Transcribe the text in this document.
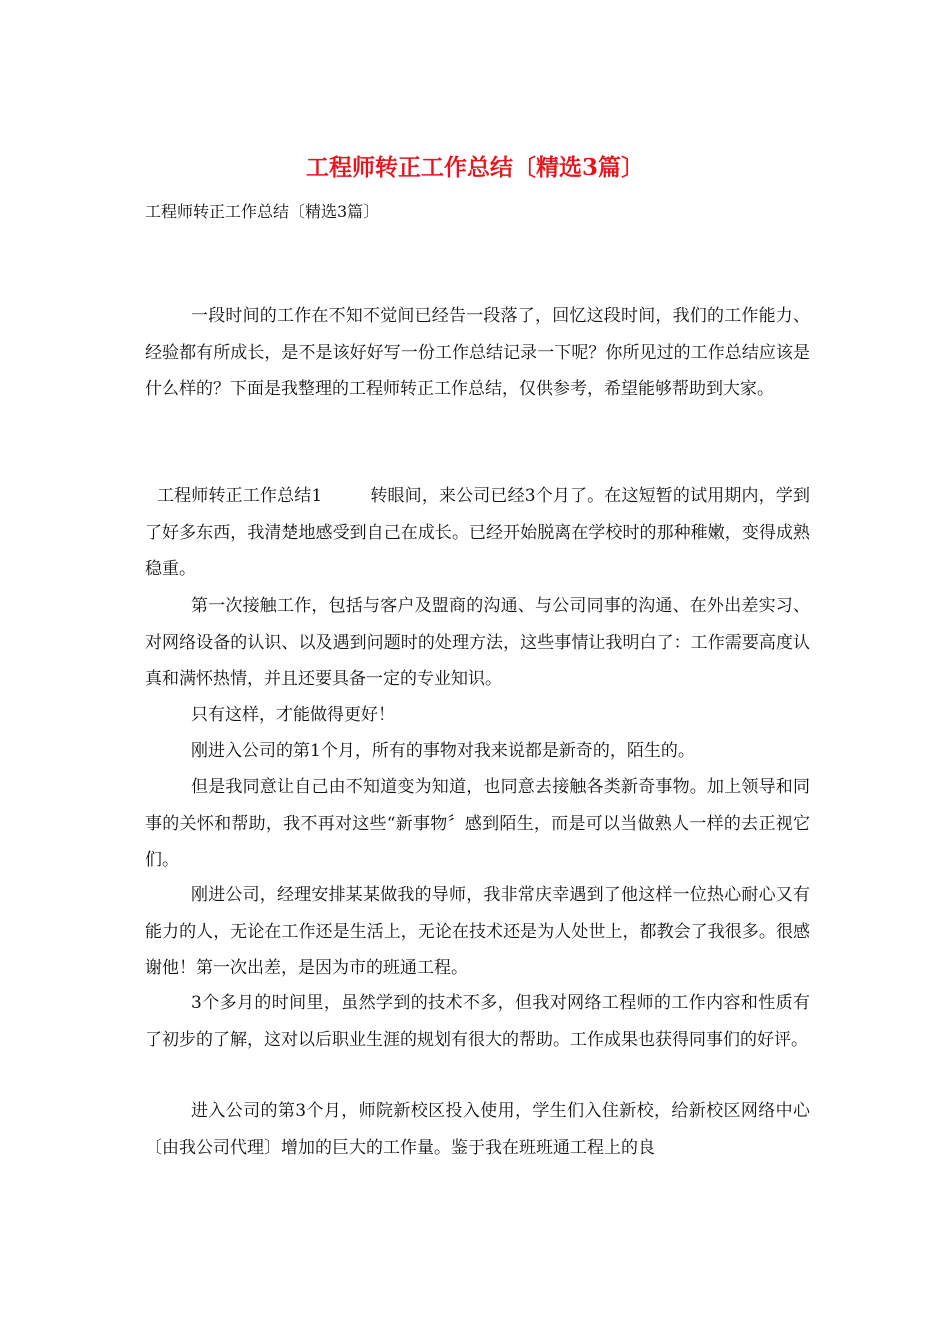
工程师转正工作总结〔精选3篇〕
工程师转正工作总结〔精选3篇〕

一段时间的工作在不知不觉间已经告一段落了，回忆这段时间，我们的工作能力、经验都有所成长，是不是该好好写一份工作总结记录一下呢？你所见过的工作总结应该是什么样的？下面是我整理的工程师转正工作总结，仅供参考，希望能够帮助到大家。

工程师转正工作总结1	转眼间，来公司已经3个月了。在这短暂的试用期内，学到了好多东西，我清楚地感受到自己在成长。已经开始脱离在学校时的那种稚嫩，变得成熟稳重。

第一次接触工作，包括与客户及盟商的沟通、与公司同事的沟通、在外出差实习、对网络设备的认识、以及遇到问题时的处理方法，这些事情让我明白了：工作需要高度认真和满怀热情，并且还要具备一定的专业知识。

只有这样，才能做得更好！

刚进入公司的第1个月，所有的事物对我来说都是新奇的，陌生的。

但是我同意让自己由不知道变为知道，也同意去接触各类新奇事物。加上领导和同事的关怀和帮助，我不再对这些“新事物〞感到陌生，而是可以当做熟人一样的去正视它们。

刚进公司，经理安排某某做我的导师，我非常庆幸遇到了他这样一位热心耐心又有能力的人，无论在工作还是生活上，无论在技术还是为人处世上，都教会了我很多。很感谢他！第一次出差，是因为市的班通工程。

3个多月的时间里，虽然学到的技术不多，但我对网络工程师的工作内容和性质有了初步的了解，这对以后职业生涯的规划有很大的帮助。工作成果也获得同事们的好评。

进入公司的第3个月，师院新校区投入使用，学生们入住新校，给新校区网络中心〔由我公司代理〕增加的巨大的工作量。鉴于我在班班通工程上的良
